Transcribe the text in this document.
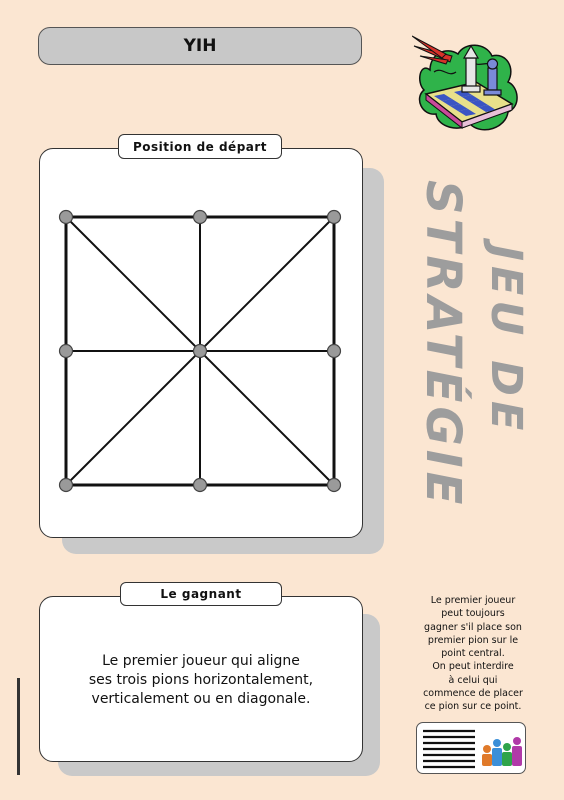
YIH
Position de départ
JEU DE
STRATÉGIE
Le gagnant
Le premier joueur qui aligne
ses trois pions horizontalement,
verticalement ou en diagonale.
Le premier joueur
peut toujours
gagner s'il place son
premier pion sur le
point central.
On peut interdire
à celui qui
commence de placer
ce pion sur ce point.
